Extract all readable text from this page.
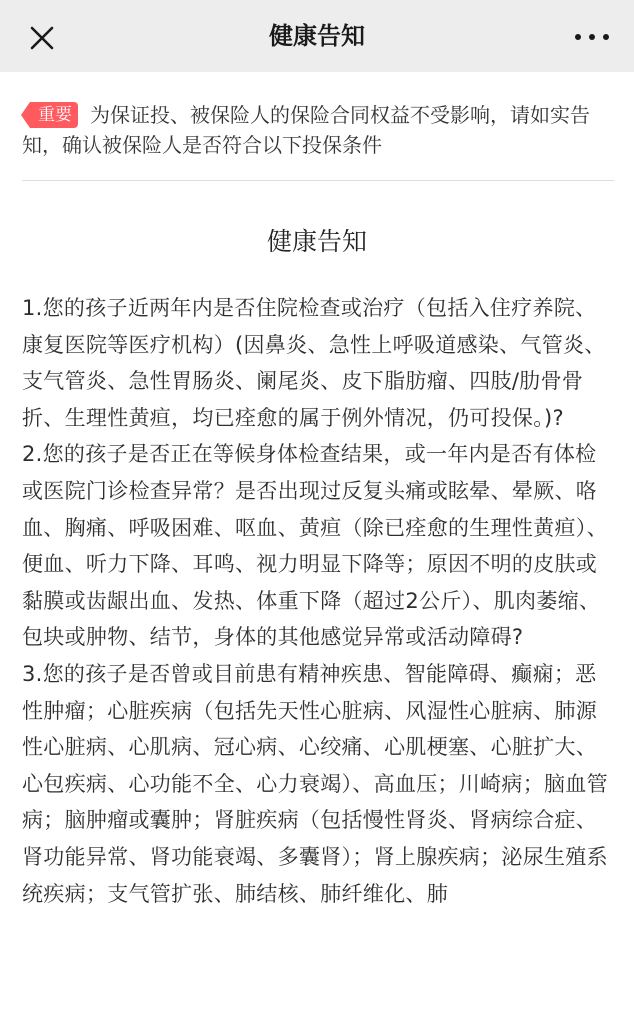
健康告知
重要 为保证投、被保险人的保险合同权益不受影响，请如实告知，确认被保险人是否符合以下投保条件
健康告知

1.您的孩子近两年内是否住院检查或治疗（包括入住疗养院、康复医院等医疗机构）(因鼻炎、急性上呼吸道感染、气管炎、支气管炎、急性胃肠炎、阑尾炎、皮下脂肪瘤、四肢/肋骨骨折、生理性黄疸，均已痊愈的属于例外情况，仍可投保。)?

2.您的孩子是否正在等候身体检查结果，或一年内是否有体检或医院门诊检查异常？是否出现过反复头痛或眩晕、晕厥、咯血、胸痛、呼吸困难、呕血、黄疸（除已痊愈的生理性黄疸）、便血、听力下降、耳鸣、视力明显下降等；原因不明的皮肤或黏膜或齿龈出血、发热、体重下降（超过2公斤）、肌肉萎缩、包块或肿物、结节，身体的其他感觉异常或活动障碍?

3.您的孩子是否曾或目前患有精神疾患、智能障碍、癫痫；恶性肿瘤；心脏疾病（包括先天性心脏病、风湿性心脏病、肺源性心脏病、心肌病、冠心病、心绞痛、心肌梗塞、心脏扩大、心包疾病、心功能不全、心力衰竭）、高血压；川崎病；脑血管病；脑肿瘤或囊肿；肾脏疾病（包括慢性肾炎、肾病综合症、肾功能异常、肾功能衰竭、多囊肾）；肾上腺疾病；泌尿生殖系统疾病；支气管扩张、肺结核、肺纤维化、肺
